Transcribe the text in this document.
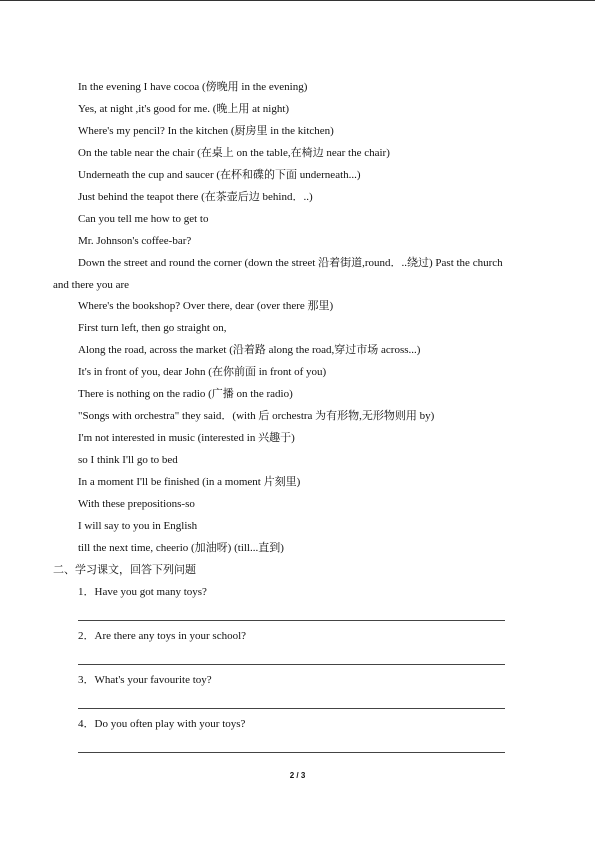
In the evening I have cocoa (傍晚用 in the evening)
Yes, at night ,it's good for me. (晚上用 at night)
Where's my pencil? In the kitchen (厨房里 in the kitchen)
On the table near the chair (在桌上 on the table,在椅边 near the chair)
Underneath the cup and saucer (在杯和碟的下面 underneath...)
Just behind the teapot there (在茶壶后边 behind．..)
Can you tell me how to get to
Mr. Johnson's coffee-bar?
Down the street and round the corner (down the street 沿着街道,round．..绕过) Past the church
and there you are
Where's the bookshop? Over there, dear (over there 那里)
First turn left, then go straight on,
Along the road, across the market (沿着路 along the road,穿过市场 across...)
It's in front of you, dear John (在你前面 in front of you)
There is nothing on the radio (广播 on the radio)
"Songs with orchestra" they said．(with 后 orchestra 为有形物,无形物则用 by)
I'm not interested in music (interested in 兴趣于)
so I think I'll go to bed
In a moment I'll be finished (in a moment 片刻里)
With these prepositions-so
I will say to you in English
till the next time, cheerio (加油呀) (till...直到)
二、学习课文，回答下列问题
1．Have you got many toys?
2．Are there any toys in your school?
3．What's your favourite toy?
4．Do you often play with your toys?
2 / 3
